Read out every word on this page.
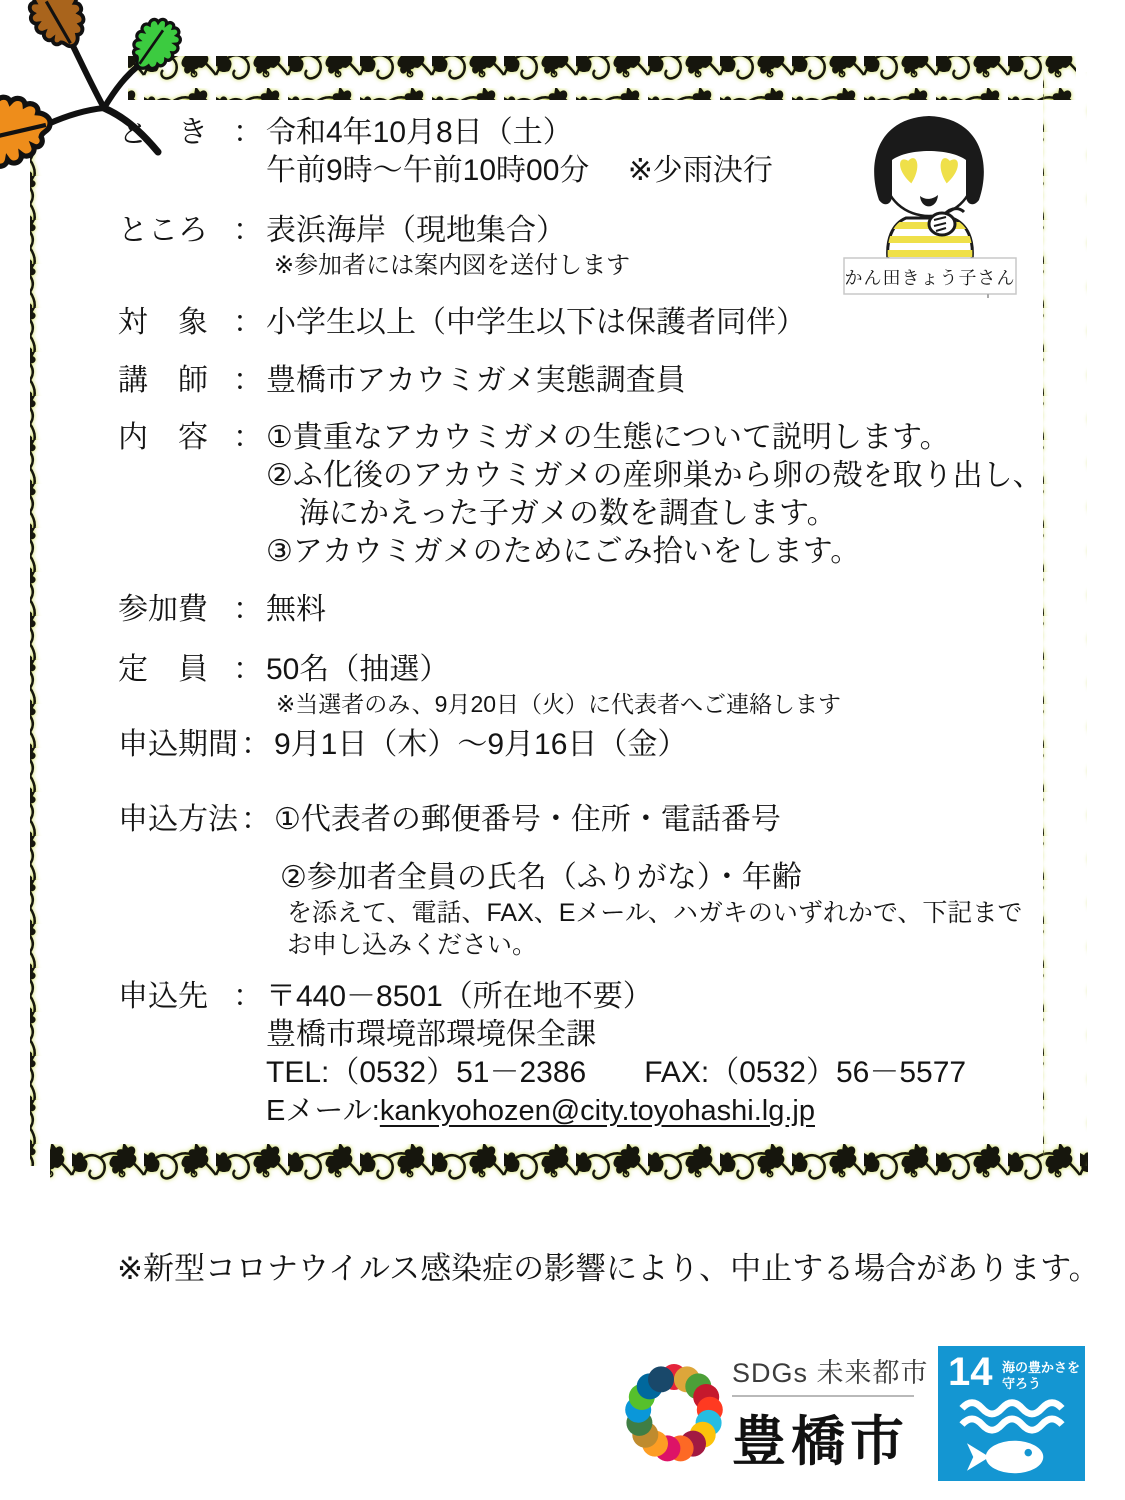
かん田きょう子さん
と　き ： 令和4年10月8日（土）
午前9時～午前10時00分　 ※少雨決行
ところ ： 表浜海岸（現地集合）
※参加者には案内図を送付します
対　象 ： 小学生以上（中学生以下は保護者同伴）
講　師 ： 豊橋市アカウミガメ実態調査員
内　容 ： ①貴重なアカウミガメの生態について説明します。
②ふ化後のアカウミガメの産卵巣から卵の殻を取り出し、
海にかえった子ガメの数を調査します。
③アカウミガメのためにごみ拾いをします。
参加費 ： 無料
定　員 ： 50名（抽選）
※当選者のみ、9月20日（火）に代表者へご連絡します
申込期間 ： 9月1日（木）～9月16日（金）
申込方法 ： ①代表者の郵便番号・住所・電話番号
②参加者全員の氏名（ふりがな）・年齢
を添えて、電話、FAX、Eメール、ハガキのいずれかで、下記まで
お申し込みください。
申込先 ： 〒440－8501（所在地不要）
豊橋市環境部環境保全課
TEL:（0532）51－2386 FAX:（0532）56－5577
Eメール:kankyohozen@city.toyohashi.lg.jp
※新型コロナウイルス感染症の影響により、中止する場合があります。
SDGs 未来都市
豊橋市
14 海の豊かさを
守ろう
